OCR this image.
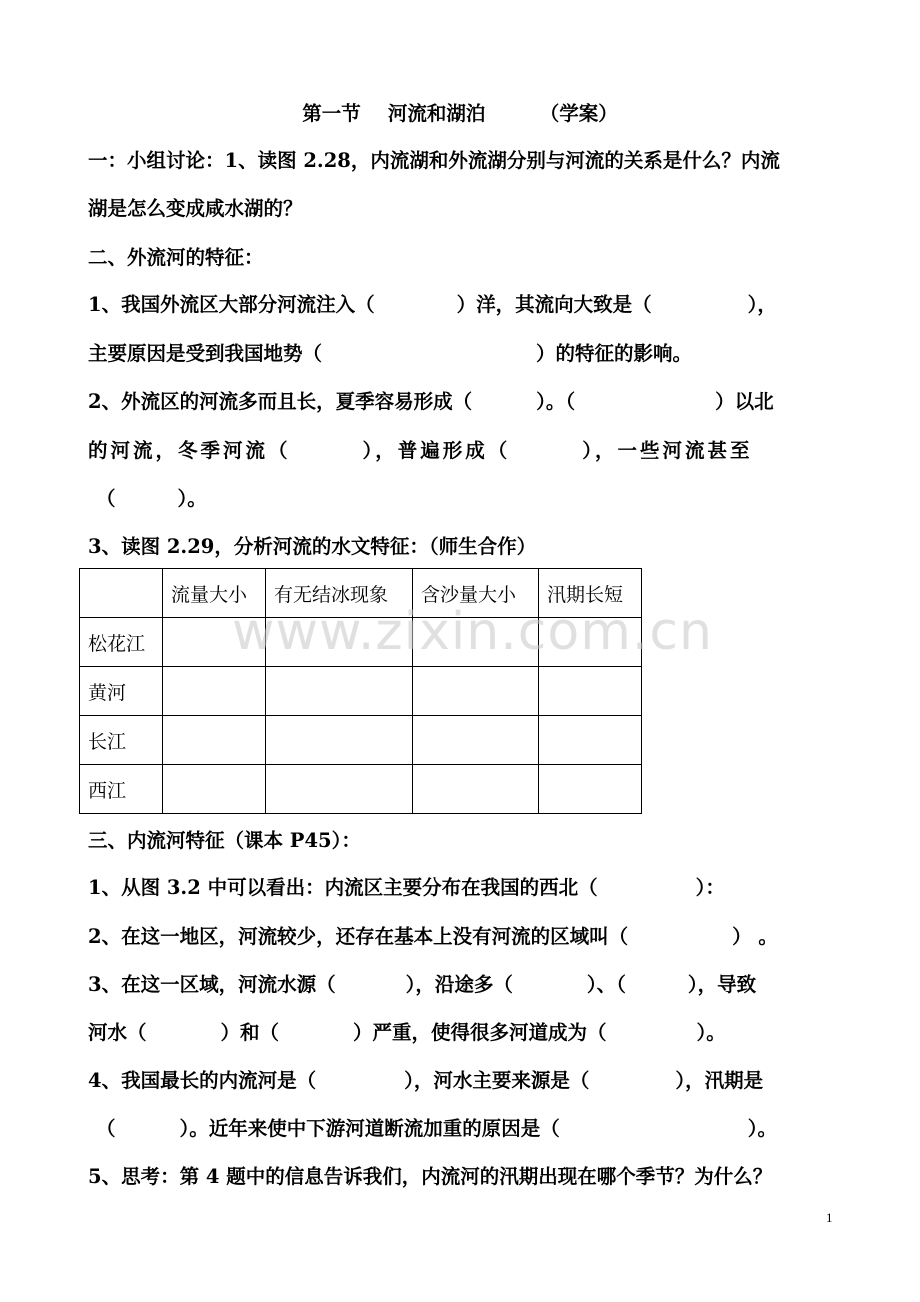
第一节    河流和湖泊        （学案）
一：小组讨论：1、读图 2.28，内流湖和外流湖分别与河流的关系是什么？内流
湖是怎么变成咸水湖的？
二、外流河的特征：
1、我国外流区大部分河流注入（	）洋，其流向大致是（	），
主要原因是受到我国地势（	）的特征的影响。
2、外流区的河流多而且长，夏季容易形成（	）。（	）以北
的河流，冬季河流（	），普遍形成（	），一些河流甚至
（	）。
3、读图 2.29，分析河流的水文特征：（师生合作）
	流量大小	有无结冰现象	含沙量大小	汛期长短
松花江				
黄河				
长江				
西江				
www.zixin.com.cn
三、内流河特征（课本 P45）：
1、从图 3.2 中可以看出：内流区主要分布在我国的西北（	）：
2、在这一地区，河流较少，还存在基本上没有河流的区域叫（	） 。
3、在这一区域，河流水源（	），沿途多（	）、（	），导致
河水（	）和（	）严重，使得很多河道成为（	）。
4、我国最长的内流河是（	），河水主要来源是（	），汛期是
（	）。近年来使中下游河道断流加重的原因是（	）。
5、思考：第 4 题中的信息告诉我们，内流河的汛期出现在哪个季节？为什么？
1
